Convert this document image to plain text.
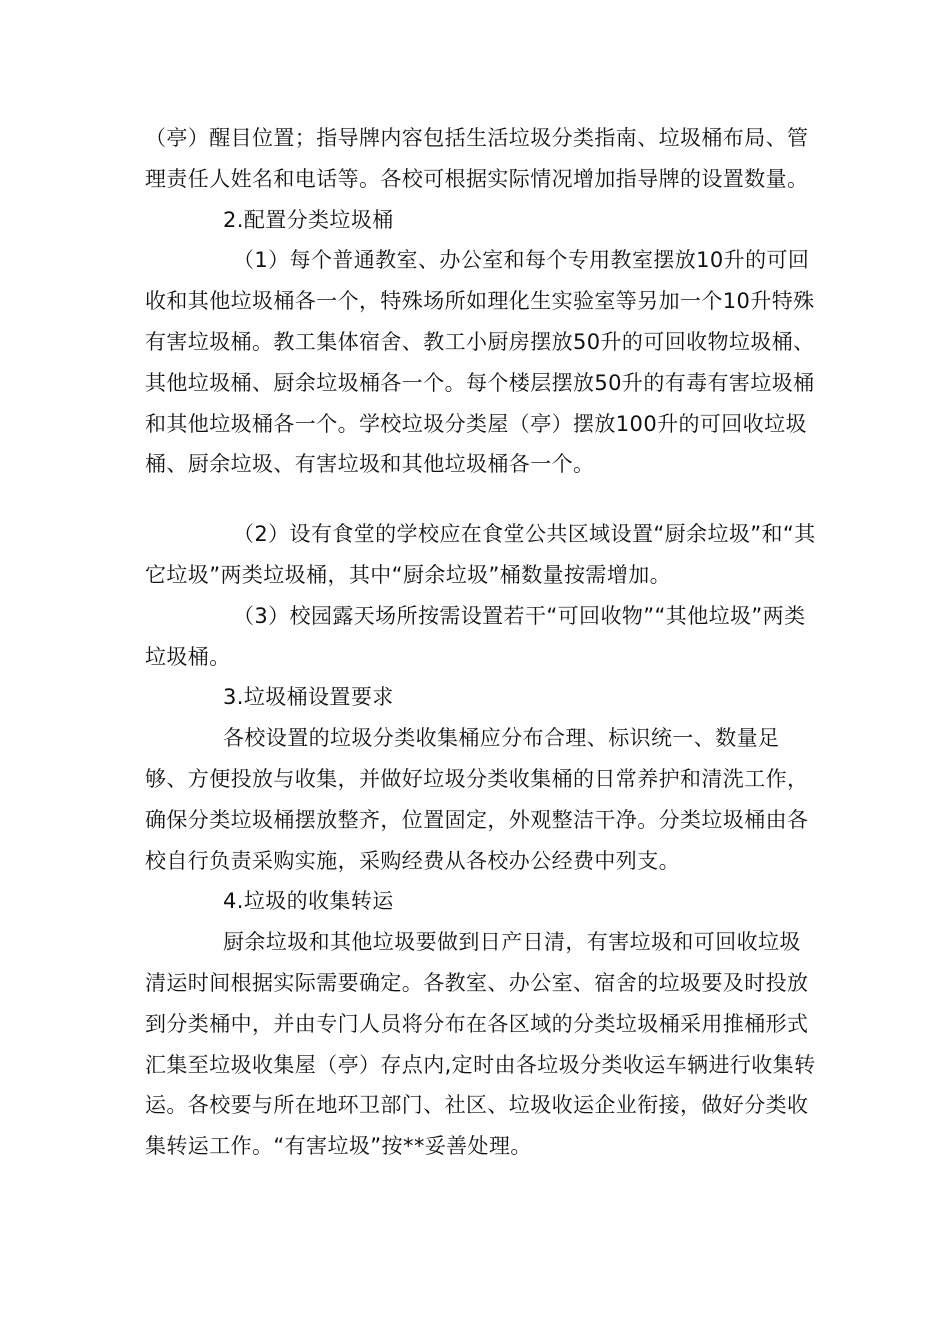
（亭）醒目位置；指导牌内容包括生活垃圾分类指南、垃圾桶布局、管理责任人姓名和电话等。各校可根据实际情况增加指导牌的设置数量。

2.配置分类垃圾桶

（1）每个普通教室、办公室和每个专用教室摆放10升的可回收和其他垃圾桶各一个，特殊场所如理化生实验室等另加一个10升特殊有害垃圾桶。教工集体宿舍、教工小厨房摆放50升的可回收物垃圾桶、其他垃圾桶、厨余垃圾桶各一个。每个楼层摆放50升的有毒有害垃圾桶和其他垃圾桶各一个。学校垃圾分类屋（亭）摆放100升的可回收垃圾桶、厨余垃圾、有害垃圾和其他垃圾桶各一个。

（2）设有食堂的学校应在食堂公共区域设置“厨余垃圾”和“其它垃圾”两类垃圾桶，其中“厨余垃圾”桶数量按需增加。

（3）校园露天场所按需设置若干“可回收物”“其他垃圾”两类垃圾桶。

3.垃圾桶设置要求

各校设置的垃圾分类收集桶应分布合理、标识统一、数量足够、方便投放与收集，并做好垃圾分类收集桶的日常养护和清洗工作，确保分类垃圾桶摆放整齐，位置固定，外观整洁干净。分类垃圾桶由各校自行负责采购实施，采购经费从各校办公经费中列支。

4.垃圾的收集转运

厨余垃圾和其他垃圾要做到日产日清，有害垃圾和可回收垃圾清运时间根据实际需要确定。各教室、办公室、宿舍的垃圾要及时投放到分类桶中，并由专门人员将分布在各区域的分类垃圾桶采用推桶形式汇集至垃圾收集屋（亭）存点内,定时由各垃圾分类收运车辆进行收集转运。各校要与所在地环卫部门、社区、垃圾收运企业衔接，做好分类收集转运工作。“有害垃圾”按**妥善处理。
